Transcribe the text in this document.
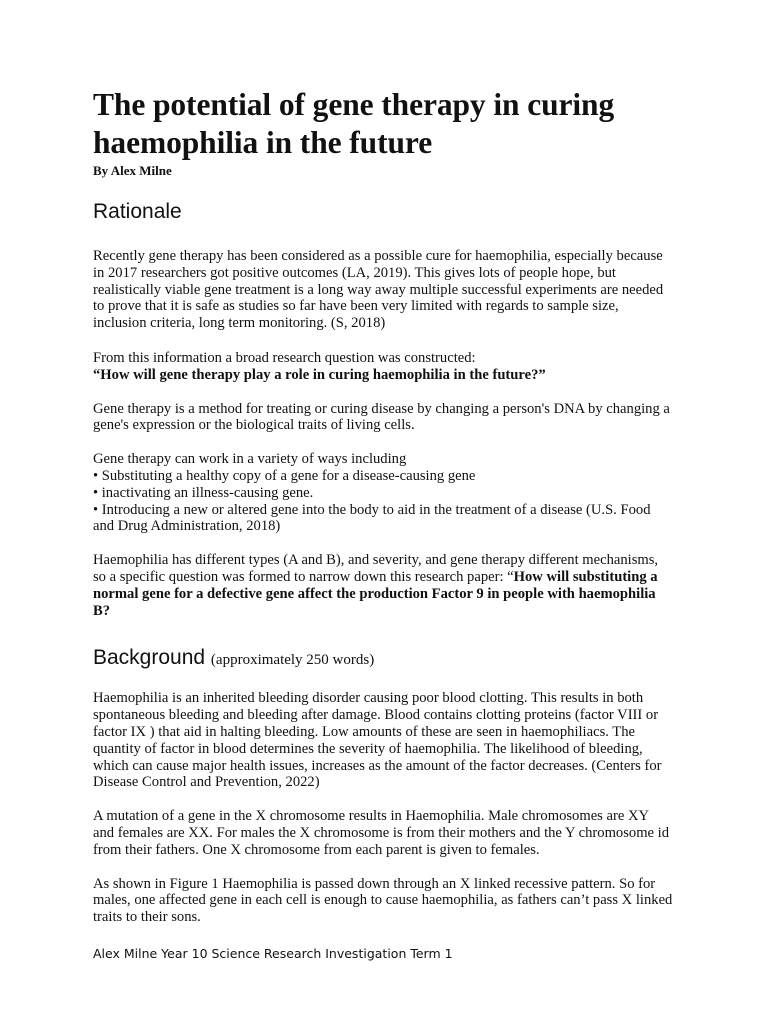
The potential of gene therapy in curing
haemophilia in the future

By Alex Milne

Rationale

Recently gene therapy has been considered as a possible cure for haemophilia, especially because in 2017 researchers got positive outcomes (LA, 2019). This gives lots of people hope, but realistically viable gene treatment is a long way away multiple successful experiments are needed to prove that it is safe as studies so far have been very limited with regards to sample size, inclusion criteria, long term monitoring. (S, 2018)

From this information a broad research question was constructed:

“How will gene therapy play a role in curing haemophilia in the future?”

Gene therapy is a method for treating or curing disease by changing a person's DNA by changing a gene's expression or the biological traits of living cells.

Gene therapy can work in a variety of ways including

• Substituting a healthy copy of a gene for a disease-causing gene

• inactivating an illness-causing gene.

• Introducing a new or altered gene into the body to aid in the treatment of a disease (U.S. Food and Drug Administration, 2018)

Haemophilia has different types (A and B), and severity, and gene therapy different mechanisms, so a specific question was formed to narrow down this research paper: “How will substituting a normal gene for a defective gene affect the production Factor 9 in people with haemophilia B?

Background (approximately 250 words)

Haemophilia is an inherited bleeding disorder causing poor blood clotting. This results in both spontaneous bleeding and bleeding after damage. Blood contains clotting proteins (factor VIII or factor IX ) that aid in halting bleeding. Low amounts of these are seen in haemophiliacs. The quantity of factor in blood determines the severity of haemophilia. The likelihood of bleeding, which can cause major health issues, increases as the amount of the factor decreases. (Centers for Disease Control and Prevention, 2022)

A mutation of a gene in the X chromosome results in Haemophilia. Male chromosomes are XY and females are XX. For males the X chromosome is from their mothers and the Y chromosome id from their fathers. One X chromosome from each parent is given to females.

As shown in Figure 1 Haemophilia is passed down through an X linked recessive pattern. So for males, one affected gene in each cell is enough to cause haemophilia, as fathers can’t pass X linked traits to their sons.

Alex Milne Year 10 Science Research Investigation Term 1
